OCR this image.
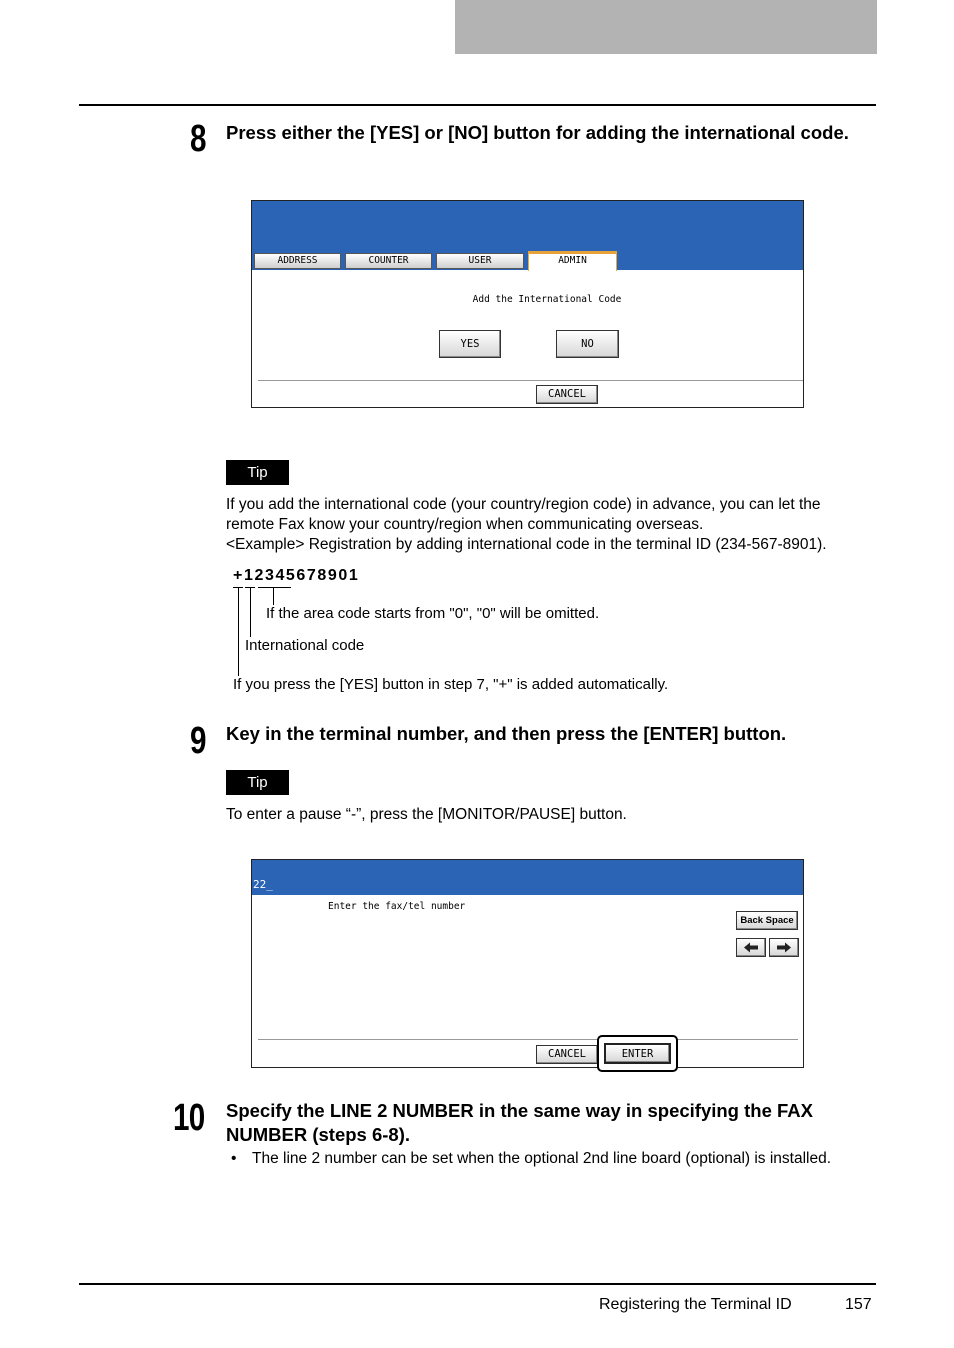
8 Press either the [YES] or [NO] button for adding the international code.
ADDRESS	COUNTER	USER	ADMIN
Add the International Code
YES	NO
CANCEL
Tip
If you add the international code (your country/region code) in advance, you can let the
remote Fax know your country/region when communicating overseas.
<Example> Registration by adding international code in the terminal ID (234-567-8901).
+12345678901
If the area code starts from "0", "0" will be omitted.
International code
If you press the [YES] button in step 7, "+" is added automatically.
9 Key in the terminal number, and then press the [ENTER] button.
Tip
To enter a pause “-”, press the [MONITOR/PAUSE] button.
22_
Enter the fax/tel number
Back Space
CANCEL	ENTER
10 Specify the LINE 2 NUMBER in the same way in specifying the FAX
NUMBER (steps 6-8).
• The line 2 number can be set when the optional 2nd line board (optional) is installed.
Registering the Terminal ID	157
